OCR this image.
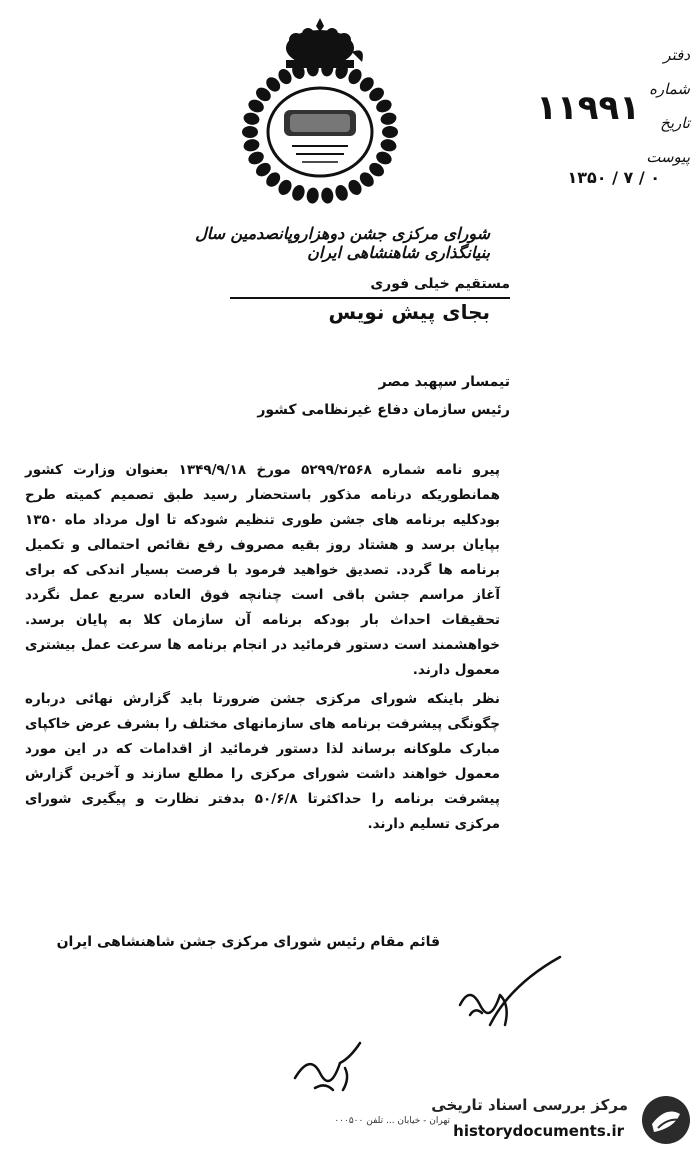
دفتر
شماره
تاریخ
پیوست
۱۱۹۹۱
۱۳۵۰ / ۷ / ۰
شورای مرکزی جشن دوهزاروپانصدمین سال بنیانگذاری شاهنشاهی ایران
مستقیم خیلی فوری
بجای پیش نویس
تیمسار سپهبد مصر
رئیس سازمان دفاع غیرنظامی کشور

پیرو نامه شماره ۵۲۹۹/۲۵۶۸ مورخ ۱۳۴۹/۹/۱۸ بعنوان وزارت کشور همانطوریکه درنامه مذکور باستحضار رسید طبق تصمیم کمیته طرح بودکلیه برنامه های جشن طوری تنظیم شودکه تا اول مرداد ماه ۱۳۵۰ بپایان برسد و هشتاد روز بقیه مصروف رفع نقائص احتمالی و تکمیل برنامه ها گردد. تصدیق خواهید فرمود با فرصت بسیار اندکی که برای آغاز مراسم جشن باقی است چنانچه فوق العاده سریع عمل نگردد تحقیقات احداث بار بودکه برنامه آن سازمان کلا به پایان برسد. خواهشمند است دستور فرمائید در انجام برنامه ها سرعت عمل بیشتری معمول دارند.

نظر باینکه شورای مرکزی جشن ضرورتا باید گزارش نهائی درباره چگونگی پیشرفت برنامه های سازمانهای مختلف را بشرف عرض خاکپای مبارک ملوکانه برساند لذا دستور فرمائید از اقدامات که در این مورد معمول خواهند داشت شورای مرکزی را مطلع سازند و آخرین گزارش پیشرفت برنامه را حداکثرتا ۵۰/۶/۸ بدفتر نظارت و پیگیری شورای مرکزی تسلیم دارند.

قائم مقام رئیس شورای مرکزی جشن شاهنشاهی ایران
تهران - خیابان ... تلفن ۰۰۰۵۰۰
مرکز بررسی اسناد تاریخی
historydocuments.ir
